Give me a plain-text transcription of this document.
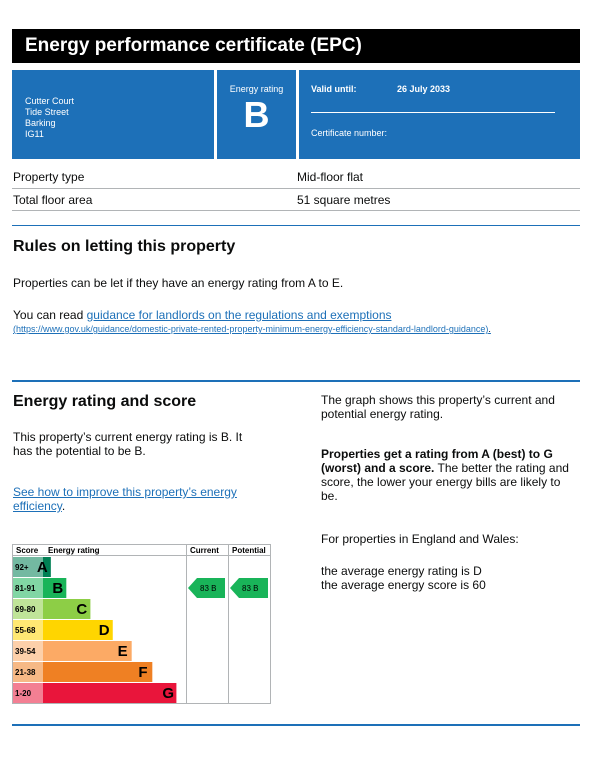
Energy performance certificate (EPC)
Cutter Court
Tide Street
Barking
IG11
Energy rating
B
Valid until:	26 July 2033
Certificate number:
Property type	Mid-floor flat
Total floor area	51 square metres
Rules on letting this property
Properties can be let if they have an energy rating from A to E.
You can read guidance for landlords on the regulations and exemptions
(https://www.gov.uk/guidance/domestic-private-rented-property-minimum-energy-efficiency-standard-landlord-guidance).
Energy rating and score
This property’s current energy rating is B. It has the potential to be B.
See how to improve this property’s energy efficiency.
The graph shows this property’s current and potential energy rating.
Properties get a rating from A (best) to G (worst) and a score. The better the rating and score, the lower your energy bills are likely to be.
For properties in England and Wales:
the average energy rating is D
the average energy score is 60
Score Energy rating	Current Potential
92+ A
81-91 B
69-80	C
55-68	D
39-54	E
21-38	F
1-20	G
83 B	83 B
